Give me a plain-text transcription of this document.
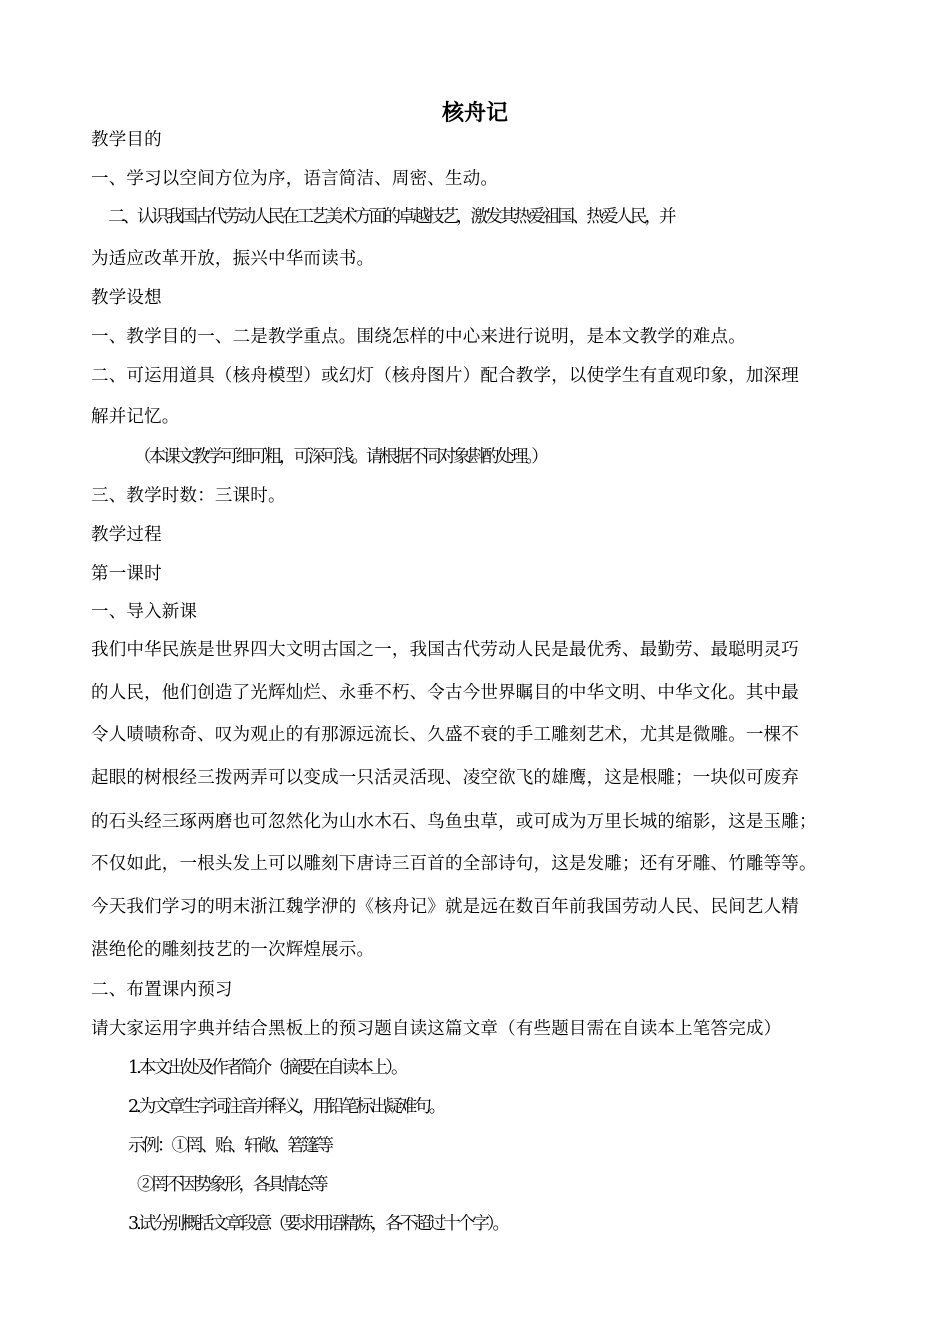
核舟记
教学目的
一、学习以空间方位为序，语言简洁、周密、生动。
二、认识我国古代劳动人民在工艺美术方面的卓越技艺，激发其热爱祖国、热爱人民，并
为适应改革开放，振兴中华而读书。
教学设想
一、教学目的一、二是教学重点。围绕怎样的中心来进行说明，是本文教学的难点。
二、可运用道具（核舟模型）或幻灯（核舟图片）配合教学，以使学生有直观印象，加深理
解并记忆。
（本课文教学可细可粗，可深可浅。请根据不同对象斟酌处理。）
三、教学时数：三课时。
教学过程
第一课时
一、导入新课
我们中华民族是世界四大文明古国之一，我国古代劳动人民是最优秀、最勤劳、最聪明灵巧
的人民，他们创造了光辉灿烂、永垂不朽、令古今世界瞩目的中华文明、中华文化。其中最
令人啧啧称奇、叹为观止的有那源远流长、久盛不衰的手工雕刻艺术，尤其是微雕。一棵不
起眼的树根经三拨两弄可以变成一只活灵活现、凌空欲飞的雄鹰，这是根雕；一块似可废弃
的石头经三琢两磨也可忽然化为山水木石、鸟鱼虫草，或可成为万里长城的缩影，这是玉雕；
不仅如此，一根头发上可以雕刻下唐诗三百首的全部诗句，这是发雕；还有牙雕、竹雕等等。
今天我们学习的明末浙江魏学洢的《核舟记》就是远在数百年前我国劳动人民、民间艺人精
湛绝伦的雕刻技艺的一次辉煌展示。
二、布置课内预习
请大家运用字典并结合黑板上的预习题自读这篇文章（有些题目需在自读本上笔答完成）
1.本文出处及作者简介（摘要在自读本上）。
2.为文章生字词注音并释义，用铅笔标出疑难句。
示例：①罔、贻、轩敞、箬篷等
②罔不因势象形，各具情态等
3.试分别概括文章段意（要求用语精炼，各不超过十个字）。
